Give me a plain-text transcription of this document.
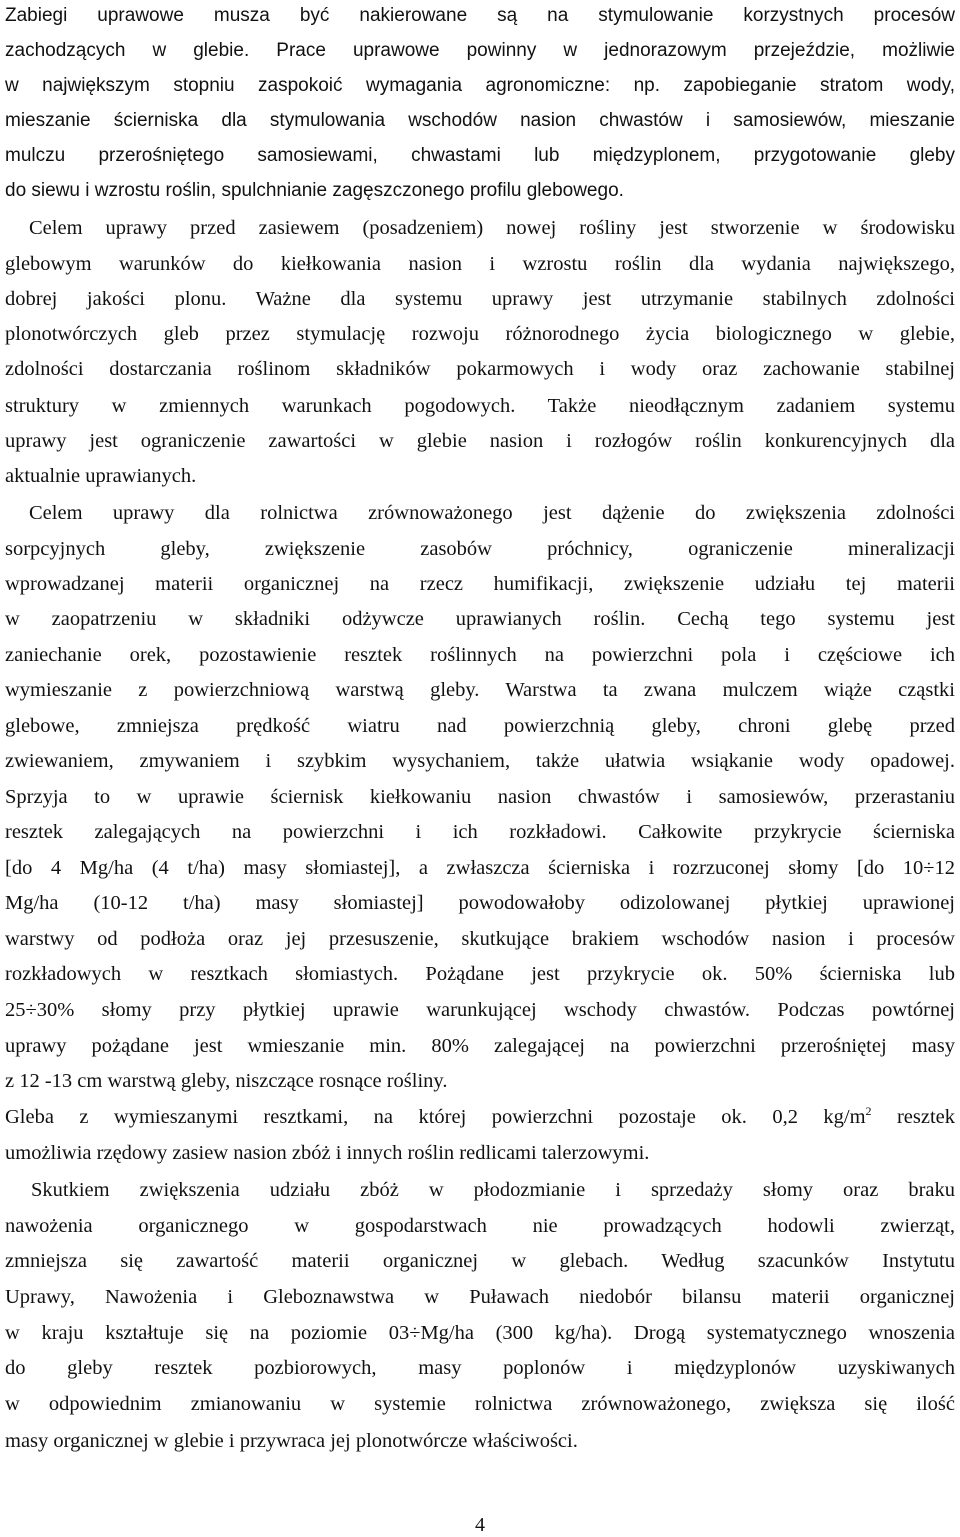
Zabiegi uprawowe musza być nakierowane są na stymulowanie korzystnych procesów

zachodzących w glebie. Prace uprawowe powinny w jednorazowym przejeździe, możliwie

w największym stopniu zaspokoić wymagania agronomiczne: np. zapobieganie stratom wody,

mieszanie ścierniska dla stymulowania wschodów nasion chwastów i samosiewów, mieszanie

mulczu przerośniętego samosiewami, chwastami lub międzyplonem, przygotowanie gleby

do siewu i wzrostu roślin, spulchnianie zagęszczonego profilu glebowego.

Celem uprawy przed zasiewem (posadzeniem) nowej rośliny jest stworzenie w środowisku

glebowym warunków do kiełkowania nasion i wzrostu roślin dla wydania największego,

dobrej jakości plonu. Ważne dla systemu uprawy jest utrzymanie stabilnych zdolności

plonotwórczych gleb przez stymulację rozwoju różnorodnego życia biologicznego w glebie,

zdolności dostarczania roślinom składników pokarmowych i wody oraz zachowanie stabilnej

struktury w zmiennych warunkach pogodowych. Także nieodłącznym zadaniem systemu

uprawy jest ograniczenie zawartości w glebie nasion i rozłogów roślin konkurencyjnych dla

aktualnie uprawianych.

Celem uprawy dla rolnictwa zrównoważonego jest dążenie do zwiększenia zdolności

sorpcyjnych gleby, zwiększenie zasobów próchnicy, ograniczenie mineralizacji

wprowadzanej materii organicznej na rzecz humifikacji, zwiększenie udziału tej materii

w zaopatrzeniu w składniki odżywcze uprawianych roślin. Cechą tego systemu jest

zaniechanie orek, pozostawienie resztek roślinnych na powierzchni pola i częściowe ich

wymieszanie z powierzchniową warstwą gleby. Warstwa ta zwana mulczem wiąże cząstki

glebowe, zmniejsza prędkość wiatru nad powierzchnią gleby, chroni glebę przed

zwiewaniem, zmywaniem i szybkim wysychaniem, także ułatwia wsiąkanie wody opadowej.

Sprzyja to w uprawie ściernisk kiełkowaniu nasion chwastów i samosiewów, przerastaniu

resztek zalegających na powierzchni i ich rozkładowi. Całkowite przykrycie ścierniska

[do 4 Mg/ha (4 t/ha) masy słomiastej], a zwłaszcza ścierniska i rozrzuconej słomy [do 10÷12

Mg/ha (10-12 t/ha) masy słomiastej] powodowałoby odizolowanej płytkiej uprawionej

warstwy od podłoża oraz jej przesuszenie, skutkujące brakiem wschodów nasion i procesów

rozkładowych w resztkach słomiastych. Pożądane jest przykrycie ok. 50% ścierniska lub

25÷30% słomy przy płytkiej uprawie warunkującej wschody chwastów. Podczas powtórnej

uprawy pożądane jest wmieszanie min. 80% zalegającej na powierzchni przerośniętej masy

z 12 -13 cm warstwą gleby, niszczące rosnące rośliny.

Gleba z wymieszanymi resztkami, na której powierzchni pozostaje ok. 0,2 $kg/m^2$ resztek

umożliwia rzędowy zasiew nasion zbóż i innych roślin redlicami talerzowymi.

Skutkiem zwiększenia udziału zbóż w płodozmianie i sprzedaży słomy oraz braku

nawożenia organicznego w gospodarstwach nie prowadzących hodowli zwierząt,

zmniejsza się zawartość materii organicznej w glebach. Według szacunków Instytutu

Uprawy, Nawożenia i Gleboznawstwa w Puławach niedobór bilansu materii organicznej

w kraju kształtuje się na poziomie 03÷Mg/ha (300 kg/ha). Drogą systematycznego wnoszenia

do gleby resztek pozbiorowych, masy poplonów i międzyplonów uzyskiwanych

w odpowiednim zmianowaniu w systemie rolnictwa zrównoważonego, zwiększa się ilość

masy organicznej w glebie i przywraca jej plonotwórcze właściwości.

4
